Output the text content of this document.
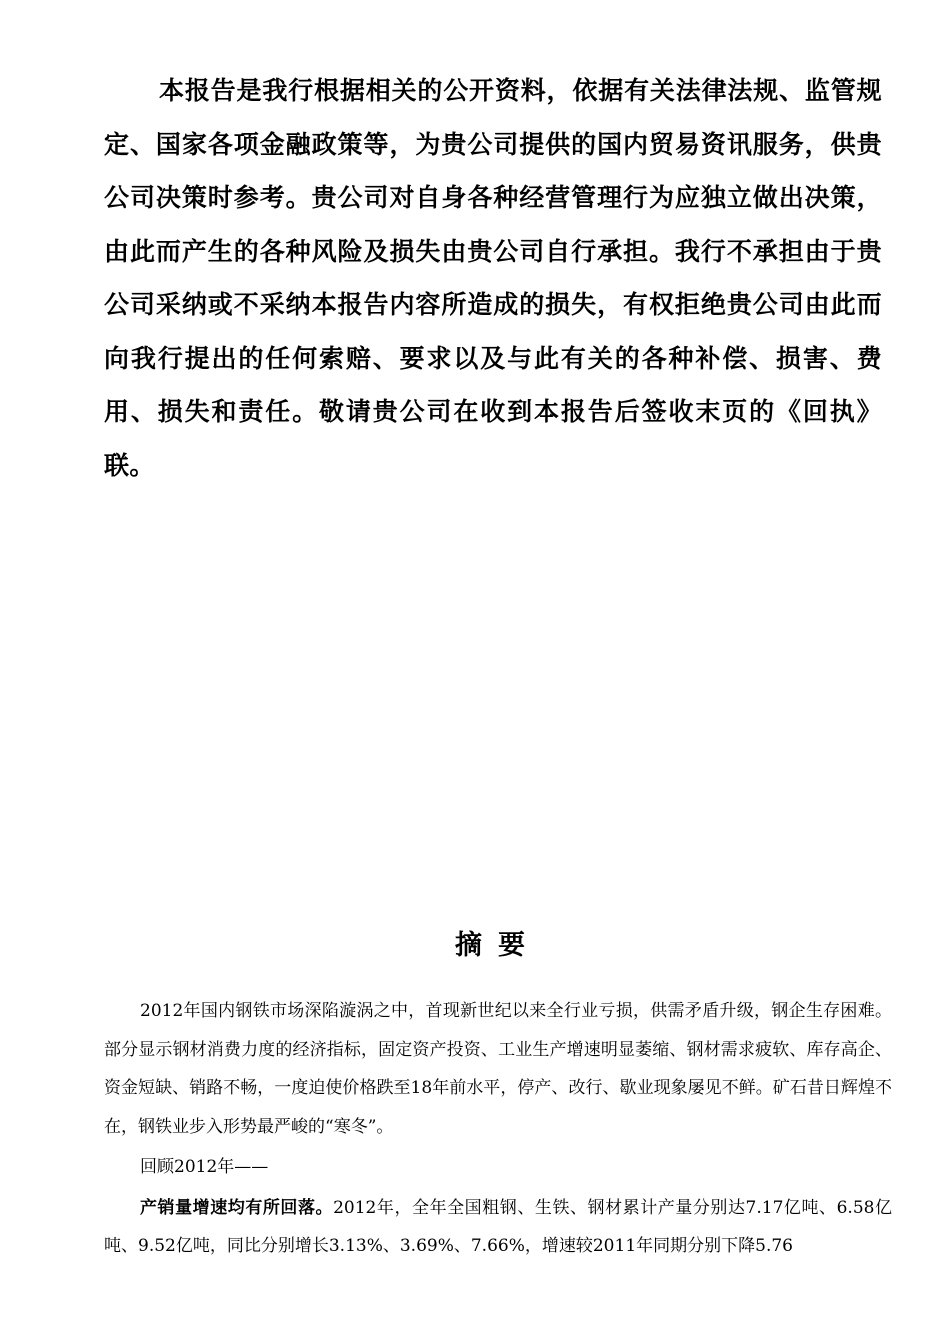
本报告是我行根据相关的公开资料，依据有关法律法规、监管规定、国家各项金融政策等，为贵公司提供的国内贸易资讯服务，供贵公司决策时参考。贵公司对自身各种经营管理行为应独立做出决策，由此而产生的各种风险及损失由贵公司自行承担。我行不承担由于贵公司采纳或不采纳本报告内容所造成的损失，有权拒绝贵公司由此而向我行提出的任何索赔、要求以及与此有关的各种补偿、损害、费用、损失和责任。敬请贵公司在收到本报告后签收末页的《回执》联。

摘要

2012年国内钢铁市场深陷漩涡之中，首现新世纪以来全行业亏损，供需矛盾升级，钢企生存困难。部分显示钢材消费力度的经济指标，固定资产投资、工业生产增速明显萎缩、钢材需求疲软、库存高企、资金短缺、销路不畅，一度迫使价格跌至18年前水平，停产、改行、歇业现象屡见不鲜。矿石昔日辉煌不在，钢铁业步入形势最严峻的“寒冬”。

回顾2012年——

产销量增速均有所回落。2012年，全年全国粗钢、生铁、钢材累计产量分别达7.17亿吨、6.58亿吨、9.52亿吨，同比分别增长3.13%、3.69%、7.66%，增速较2011年同期分别下降5.76
